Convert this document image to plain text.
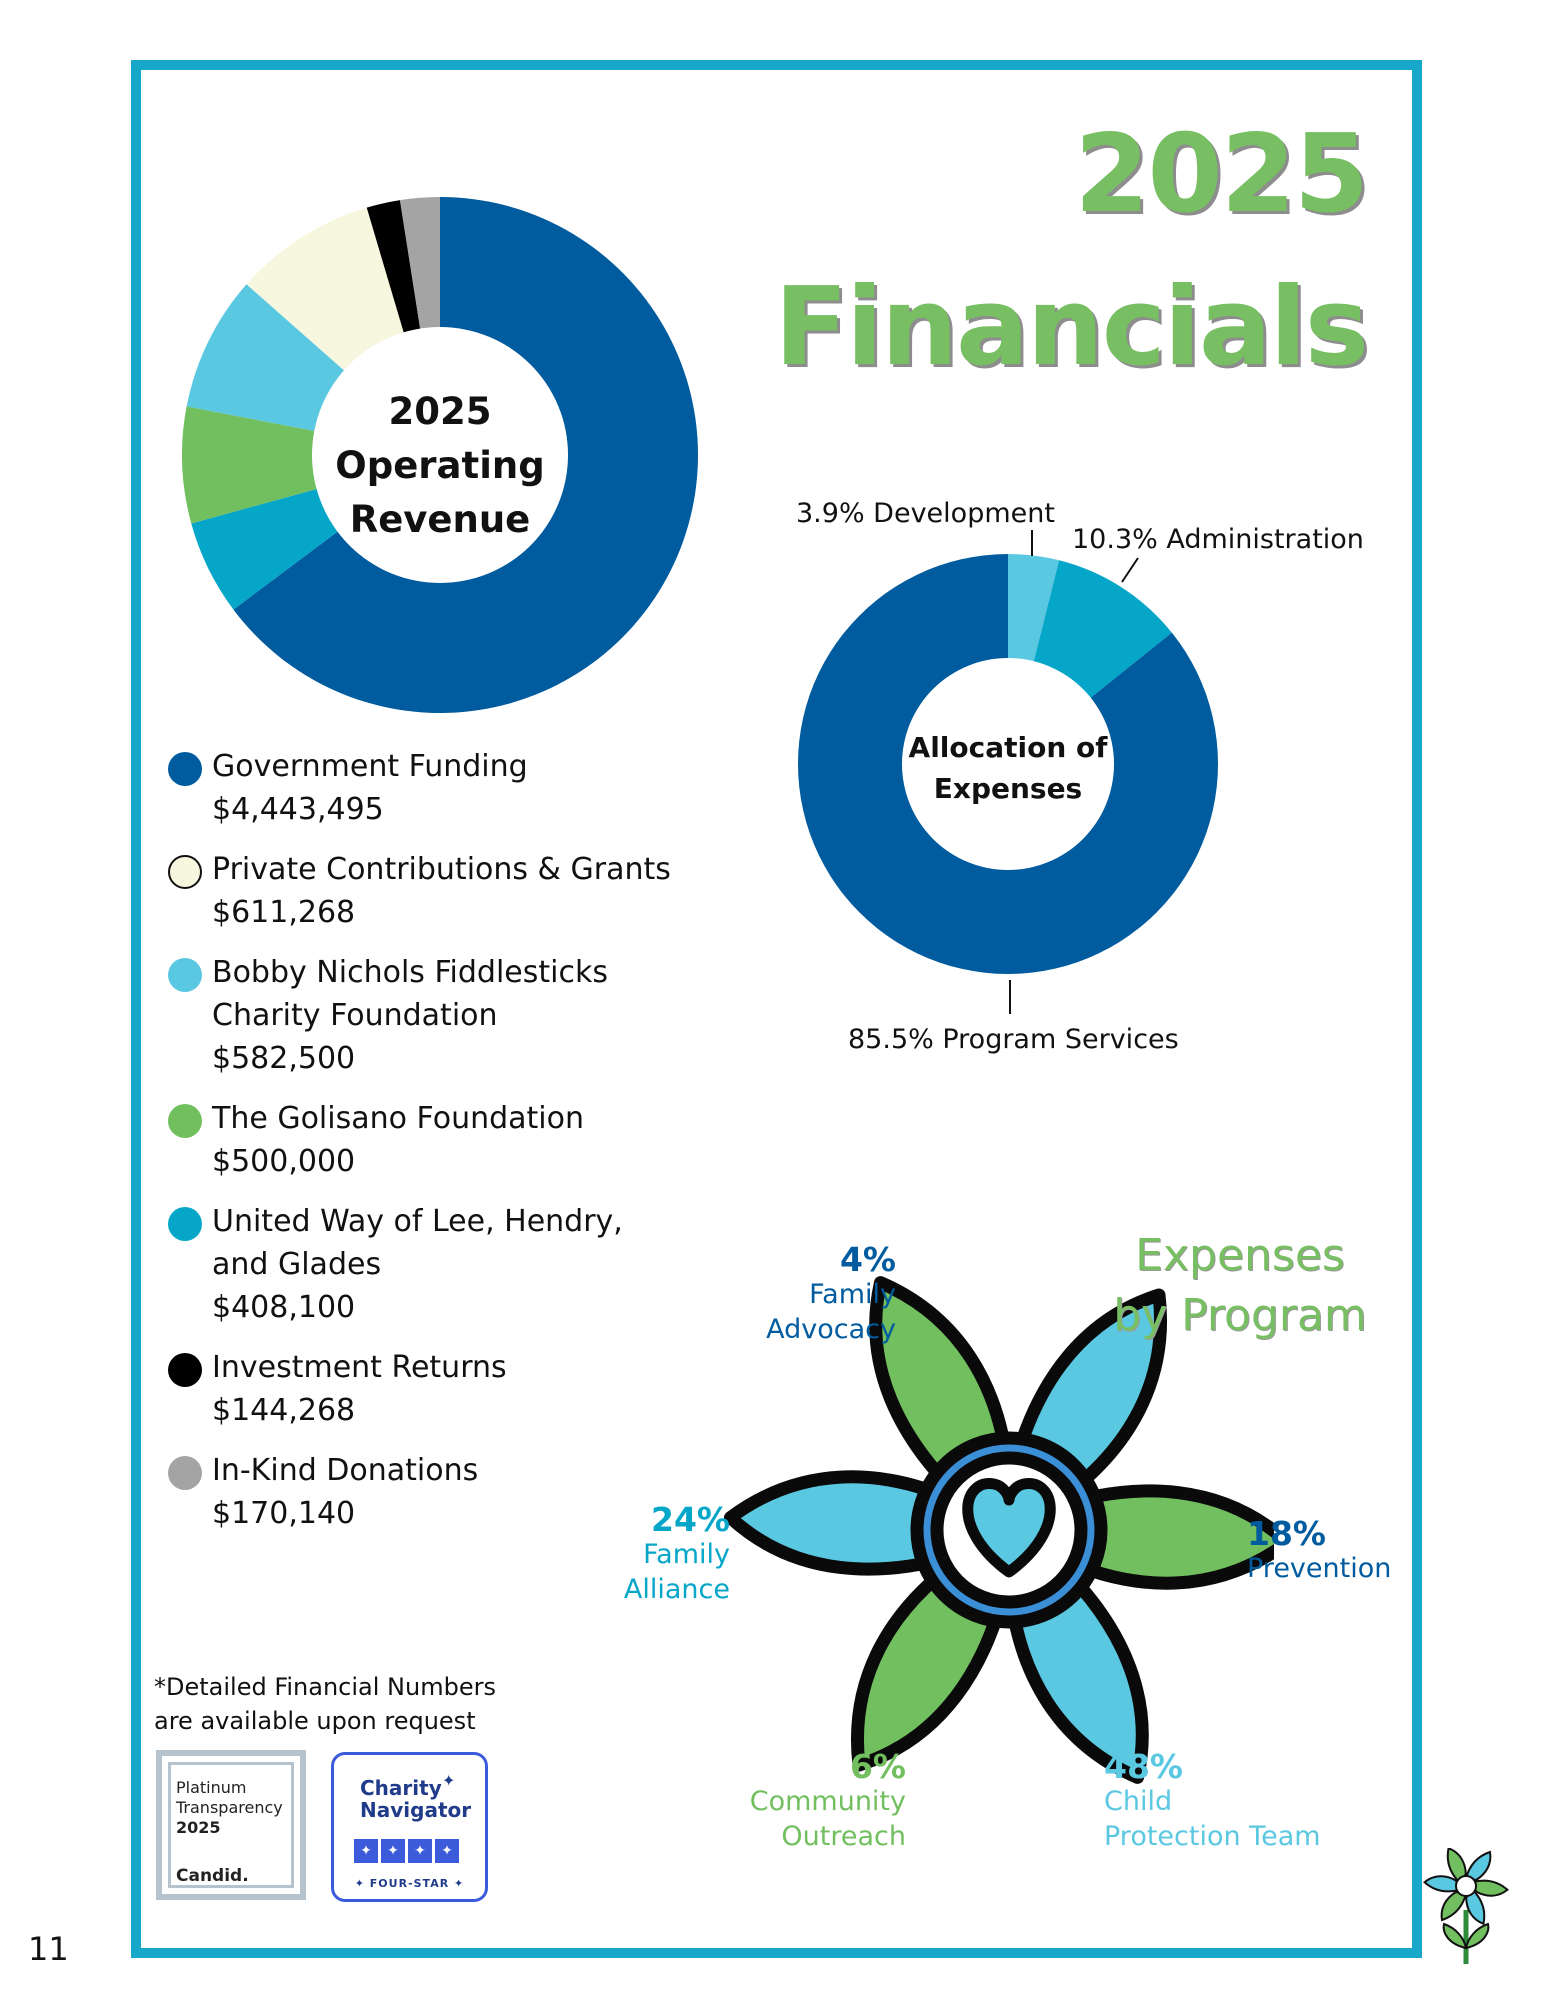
2025
Financials
2025
Operating
Revenue
Government Funding
$4,443,495
Private Contributions & Grants
$611,268
Bobby Nichols Fiddlesticks
Charity Foundation
$582,500
The Golisano Foundation
$500,000
United Way of Lee, Hendry,
and Glades
$408,100
Investment Returns
$144,268
In-Kind Donations
$170,140
Allocation of
Expenses
3.9% Development
10.3% Administration
85.5% Program Services
Expenses
by Program
4%
Family
Advocacy
24%
Family
Alliance
18%
Prevention
6%
Community
Outreach
48%
Child
Protection Team
*Detailed Financial Numbers
are available upon request
Platinum
Transparency
2025
Candid.
Charity
Navigator
✦
✦	✦	✦	✦
✦ FOUR-STAR ✦
11
